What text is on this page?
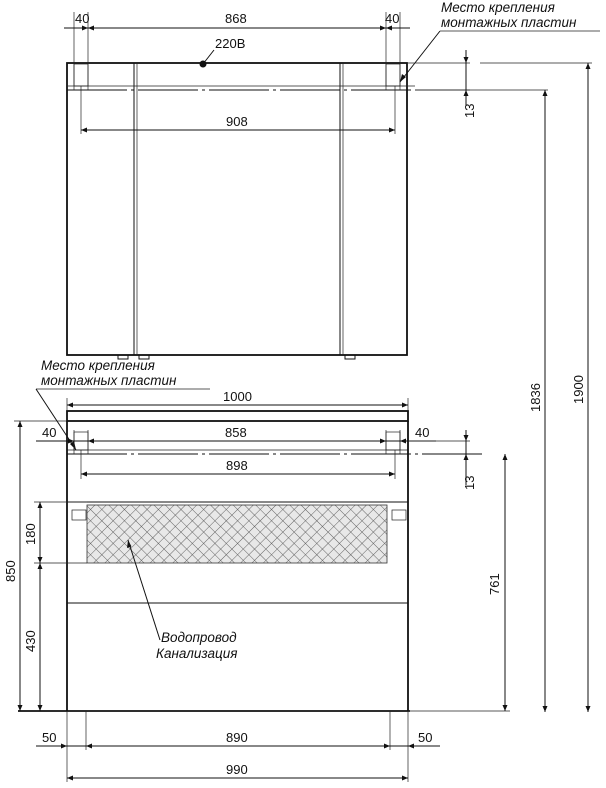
220В
40	868	40
908
Место крепления
монтажных пластин
13
1836 1900
Место крепления
монтажных пластин
1000
40	858	40
898
13
761
850
180
430	Водопровод
Канализация
50	890	50
990
